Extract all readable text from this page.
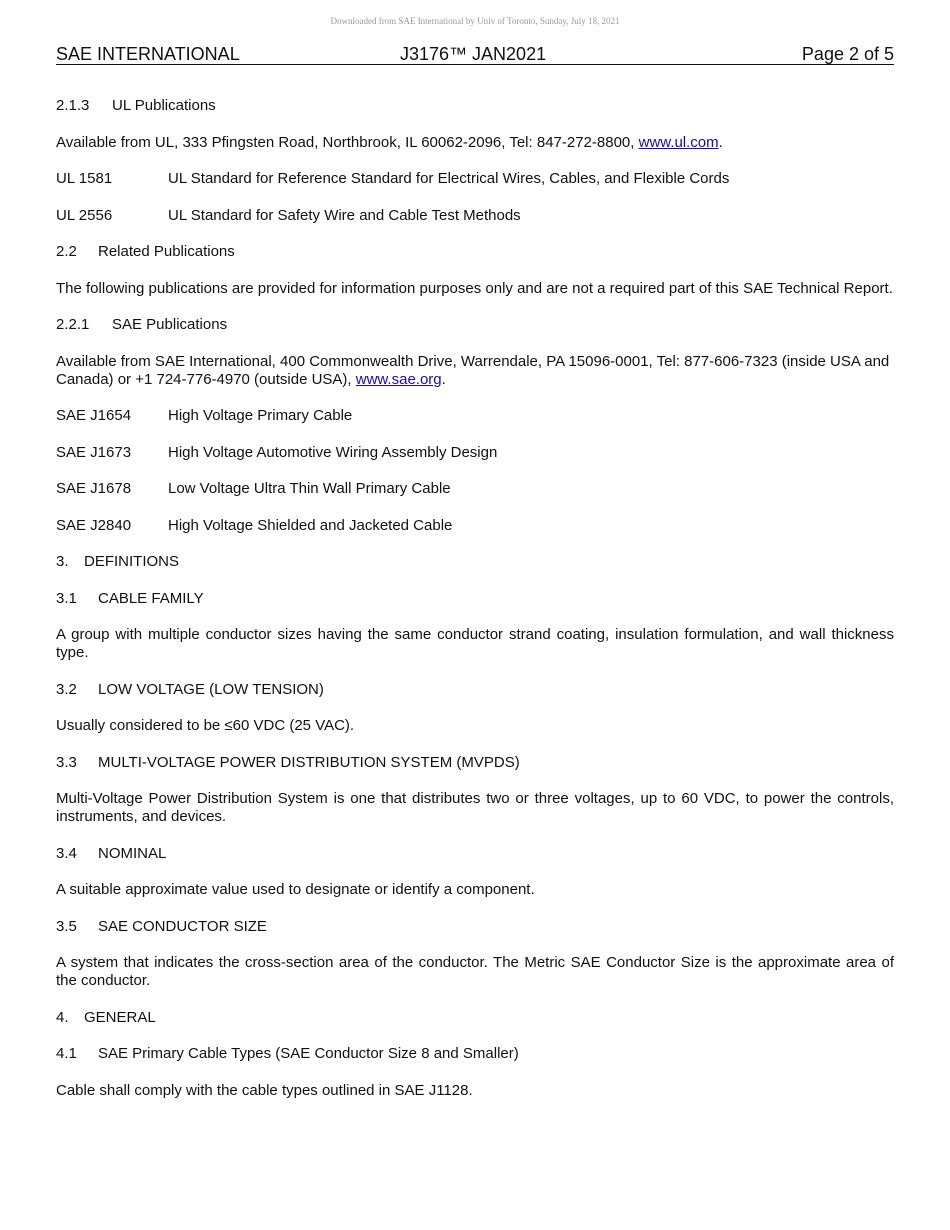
Downloaded from SAE International by Univ of Toronto, Sunday, July 18, 2021
SAE INTERNATIONAL	J3176™ JAN2021	Page 2 of 5

2.1.3 UL Publications

Available from UL, 333 Pfingsten Road, Northbrook, IL 60062-2096, Tel: 847-272-8800, www.ul.com.

UL 1581	UL Standard for Reference Standard for Electrical Wires, Cables, and Flexible Cords
UL 2556	UL Standard for Safety Wire and Cable Test Methods

2.2 Related Publications

The following publications are provided for information purposes only and are not a required part of this SAE Technical Report.

2.2.1 SAE Publications

Available from SAE International, 400 Commonwealth Drive, Warrendale, PA 15096-0001, Tel: 877-606-7323 (inside USA and Canada) or +1 724-776-4970 (outside USA), www.sae.org.

SAE J1654	High Voltage Primary Cable
SAE J1673	High Voltage Automotive Wiring Assembly Design
SAE J1678	Low Voltage Ultra Thin Wall Primary Cable
SAE J2840	High Voltage Shielded and Jacketed Cable

3. DEFINITIONS

3.1 CABLE FAMILY

A group with multiple conductor sizes having the same conductor strand coating, insulation formulation, and wall thickness type.

3.2 LOW VOLTAGE (LOW TENSION)

Usually considered to be ≤60 VDC (25 VAC).

3.3 MULTI-VOLTAGE POWER DISTRIBUTION SYSTEM (MVPDS)

Multi-Voltage Power Distribution System is one that distributes two or three voltages, up to 60 VDC, to power the controls, instruments, and devices.

3.4 NOMINAL

A suitable approximate value used to designate or identify a component.

3.5 SAE CONDUCTOR SIZE

A system that indicates the cross-section area of the conductor. The Metric SAE Conductor Size is the approximate area of the conductor.

4. GENERAL

4.1 SAE Primary Cable Types (SAE Conductor Size 8 and Smaller)

Cable shall comply with the cable types outlined in SAE J1128.
